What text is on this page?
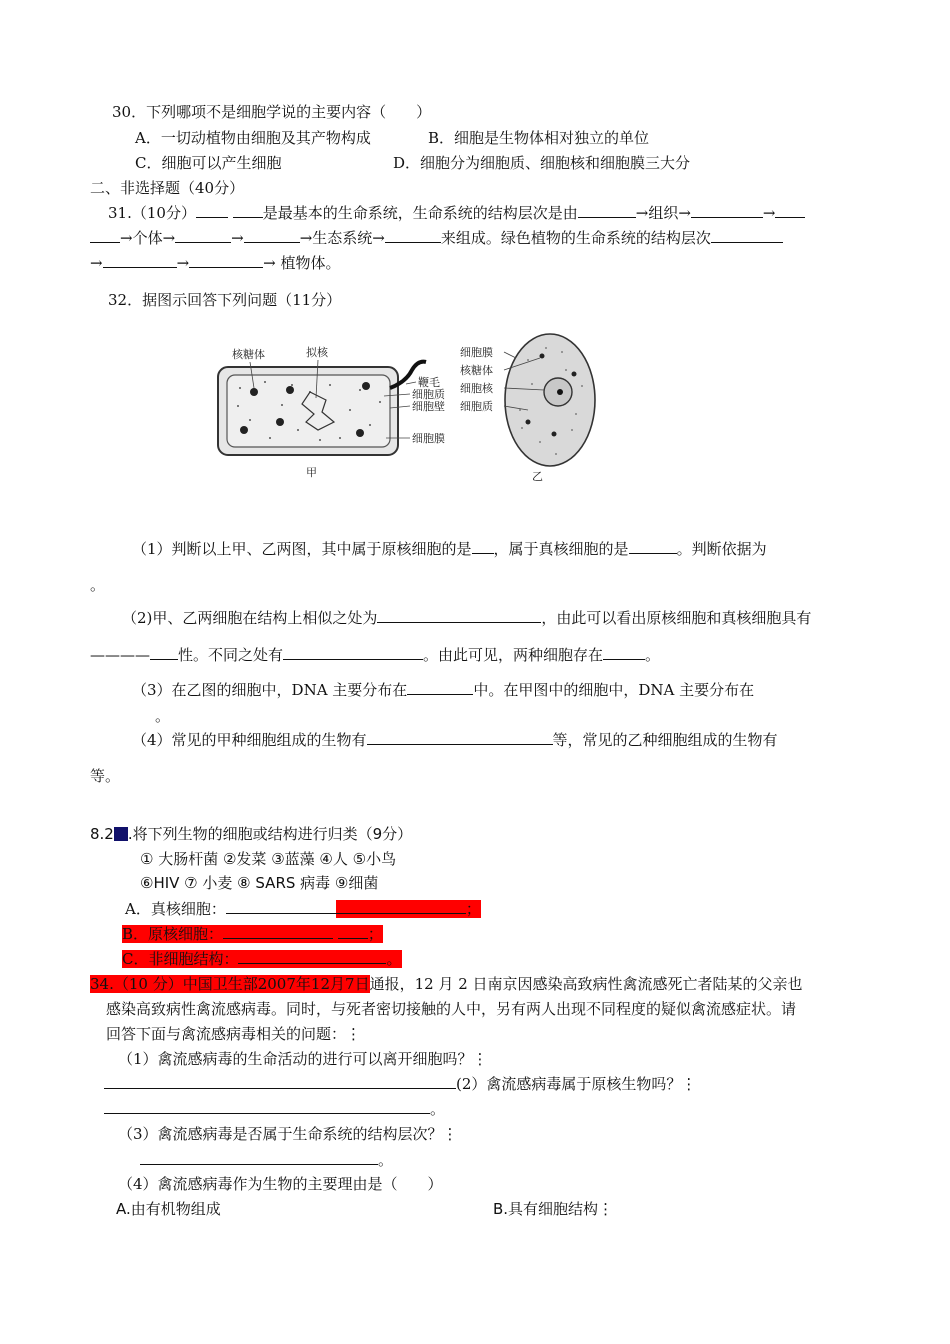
30．下列哪项不是细胞学说的主要内容（　　）
A．一切动植物由细胞及其产物构成	B．细胞是生物体相对独立的单位
C．细胞可以产生细胞	D．细胞分为细胞质、细胞核和细胞膜三大分
二、非选择题（40分）
31.（10分）	是最基本的生命系统，生命系统的结构层次是由	→组织→	→
→个体→	→	→生态系统→	来组成。绿色植物的生命系统的结构层次
→	→	→ 植物体。
32．据图示回答下列问题（11分）
核糖体	拟核
鞭毛
细胞质
细胞壁
细胞膜
甲
细胞膜
核糖体
细胞核
细胞质
乙
（1）判断以上甲、乙两图，其中属于原核细胞的是 ，属于真核细胞的是	。判断依据为
。
（2)甲、乙两细胞在结构上相似之处为	，由此可以看出原核细胞和真核细胞具有
———— 性。不同之处有	。由此可见，两种细胞存在	。
（3）在乙图的细胞中，DNA 主要分布在	中。在甲图中的细胞中，DNA 主要分布在
。
（4）常见的甲种细胞组成的生物有	等，常见的乙种细胞组成的生物有
等。
8.2 .将下列生物的细胞或结构进行归类（9分）
① 大肠杆菌 ②发菜 ③蓝藻 ④人 ⑤小鸟
⑥HIV ⑦ 小麦 ⑧ SARS 病毒 ⑨细菌
A．真核细胞：	；
B．原核细胞：	；
C．非细胞结构：	。
34.（10 分）中国卫生部2007年12月7日通报，12 月 2 日南京因感染高致病性禽流感死亡者陆某的父亲也
感染高致病性禽流感病毒。同时，与死者密切接触的人中，另有两人出现不同程度的疑似禽流感症状。请
回答下面与禽流感病毒相关的问题：⋮
（1）禽流感病毒的生命活动的进行可以离开细胞吗？⋮
(2）禽流感病毒属于原核生物吗？⋮
。
（3）禽流感病毒是否属于生命系统的结构层次？⋮
。
（4）禽流感病毒作为生物的主要理由是（　　）
A.由有机物组成	B.具有细胞结构⋮
